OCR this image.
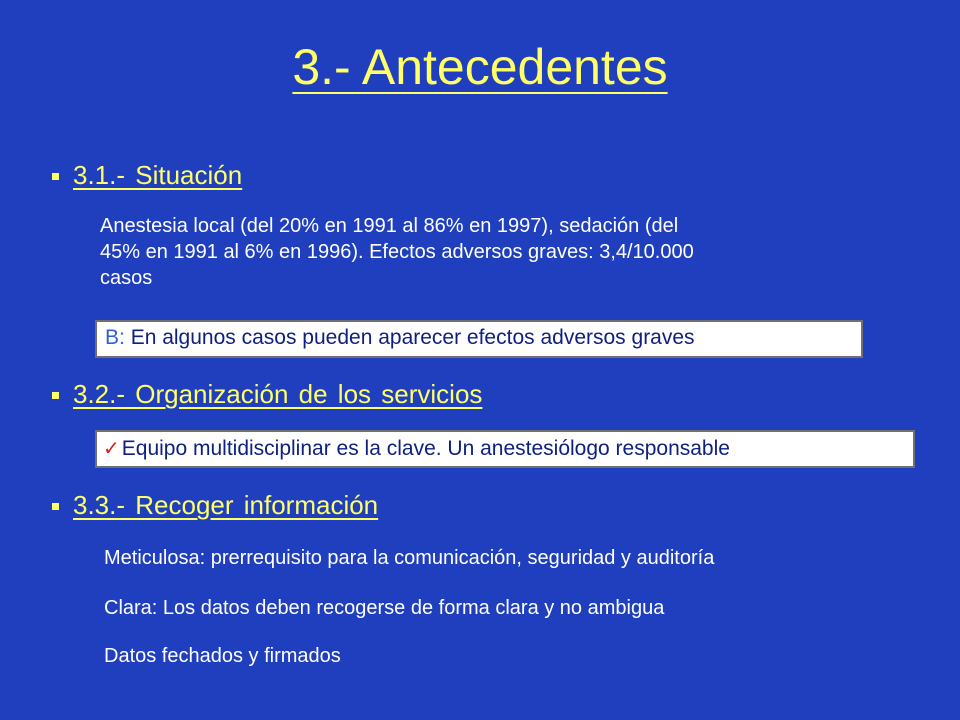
3.- Antecedentes
3.1.- Situación
Anestesia local (del 20% en 1991 al 86% en 1997), sedación (del
45% en 1991 al 6% en 1996). Efectos adversos graves: 3,4/10.000
casos
B: En algunos casos pueden aparecer efectos adversos graves
3.2.- Organización de los servicios
✓Equipo multidisciplinar es la clave. Un anestesiólogo responsable
3.3.- Recoger información
Meticulosa: prerrequisito para la comunicación, seguridad y auditoría
Clara: Los datos deben recogerse de forma clara y no ambigua
Datos fechados y firmados
